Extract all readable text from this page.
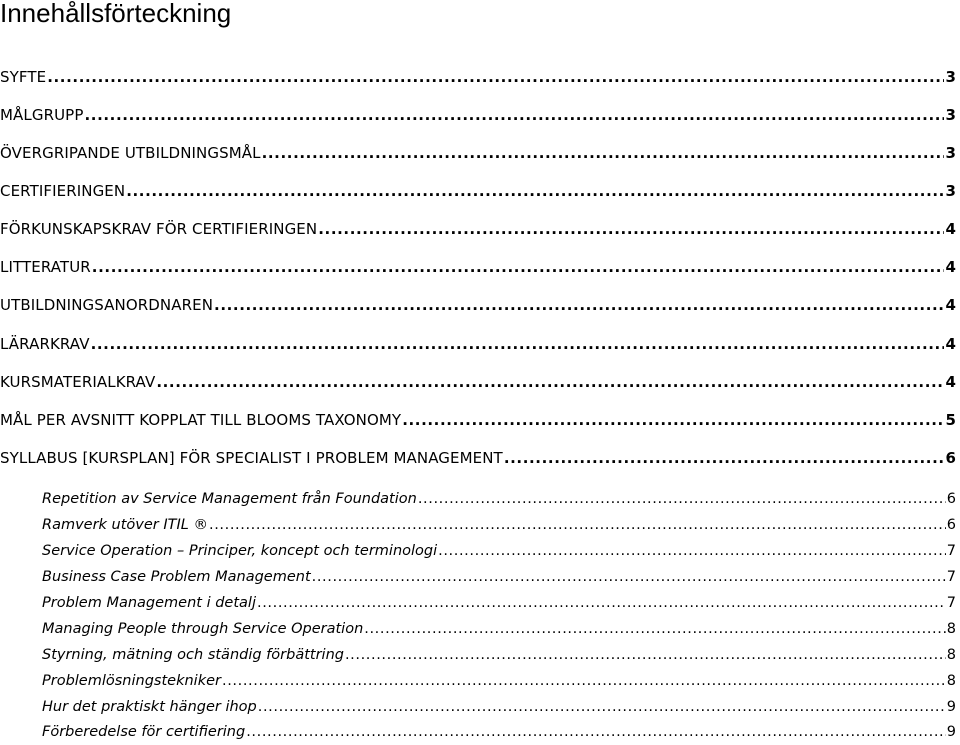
Innehållsförteckning
SYFTE .....	3
MÅLGRUPP .....	3
ÖVERGRIPANDE UTBILDNINGSMÅL .....	3
CERTIFIERINGEN .....	3
FÖRKUNSKAPSKRAV FÖR CERTIFIERINGEN .....	4
LITTERATUR .....	4
UTBILDNINGSANORDNAREN .....	4
LÄRARKRAV .....	4
KURSMATERIALKRAV .....	4
MÅL PER AVSNITT KOPPLAT TILL BLOOMS TAXONOMY .....	5
SYLLABUS [KURSPLAN] FÖR SPECIALIST I PROBLEM MANAGEMENT .....	6
Repetition av Service Management från Foundation .....	6
Ramverk utöver ITIL ® .....	6
Service Operation – Principer, koncept och terminologi .....	7
Business Case Problem Management .....	7
Problem Management i detalj .....	7
Managing People through Service Operation .....	8
Styrning, mätning och ständig förbättring .....	8
Problemlösningstekniker .....	8
Hur det praktiskt hänger ihop .....	9
Förberedelse för certifiering .....	9
